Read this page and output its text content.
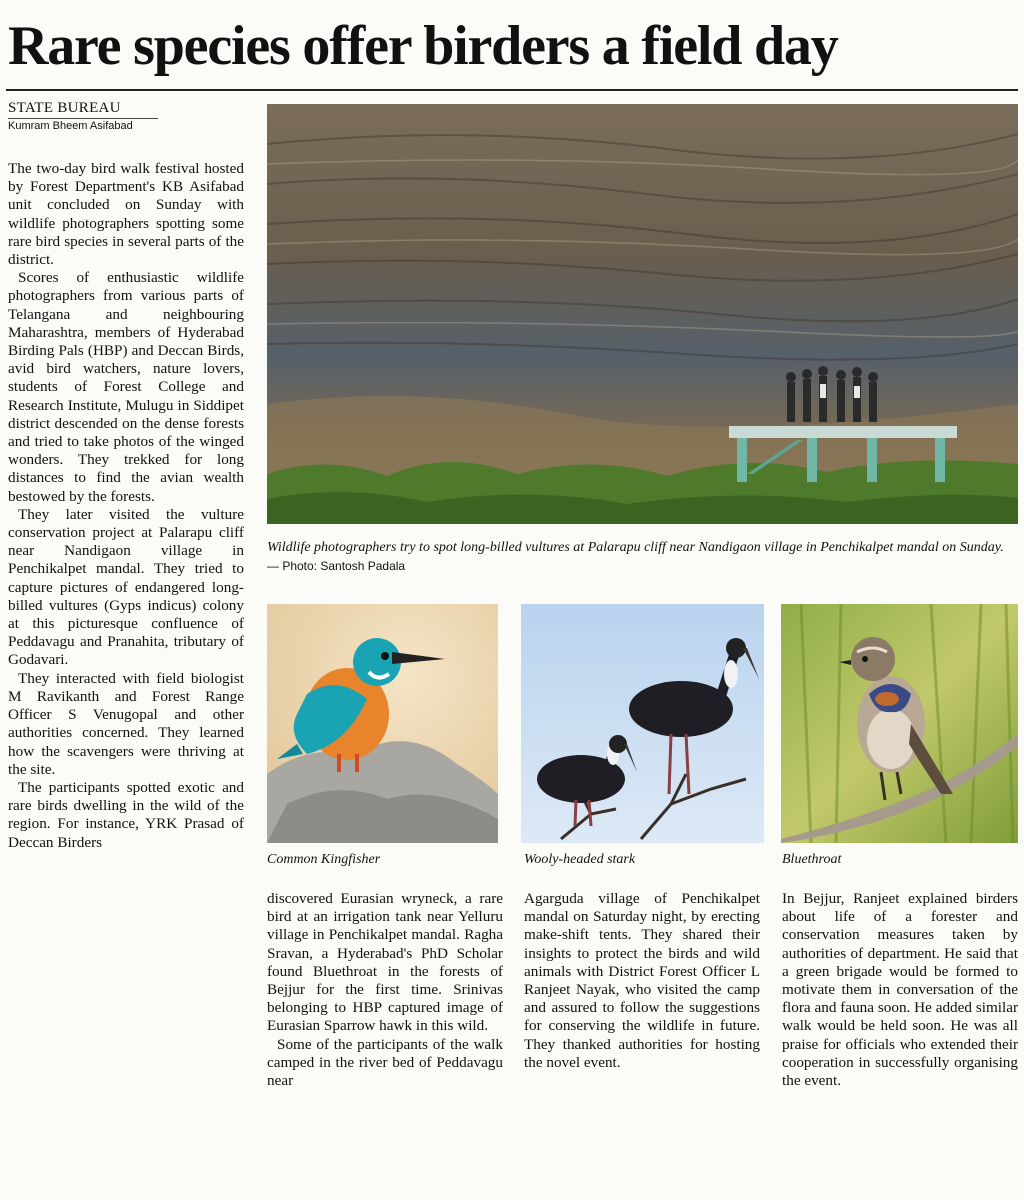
Rare species offer birders a field day
STATE BUREAU
Kumram Bheem Asifabad

The two-day bird walk festival hosted by Forest Department's KB Asifabad unit concluded on Sunday with wildlife photographers spotting some rare bird species in several parts of the district.

Scores of enthusiastic wildlife photographers from various parts of Telangana and neighbouring Maharashtra, members of Hyderabad Birding Pals (HBP) and Deccan Birds, avid bird watchers, nature lovers, students of Forest College and Research Institute, Mulugu in Siddipet district descended on the dense forests and tried to take photos of the winged wonders. They trekked for long distances to find the avian wealth bestowed by the forests.

They later visited the vulture conservation project at Palarapu cliff near Nandigaon village in Penchikalpet mandal. They tried to capture pictures of endangered long-billed vultures (Gyps indicus) colony at this picturesque confluence of Peddavagu and Pranahita, tributary of Godavari.

They interacted with field biologist M Ravikanth and Forest Range Officer S Venugopal and other authorities concerned. They learned how the scavengers were thriving at the site.

The participants spotted exotic and rare birds dwelling in the wild of the region. For instance, YRK Prasad of Deccan Birders

Wildlife photographers try to spot long-billed vultures at Palarapu cliff near Nandigaon village in Penchikalpet mandal on Sunday. — Photo: Santosh Padala
Common Kingfisher	Wooly-headed stark	Bluethroat

discovered Eurasian wryneck, a rare bird at an irrigation tank near Yelluru village in Penchikalpet mandal. Ragha Sravan, a Hyderabad's PhD Scholar found Bluethroat in the forests of Bejjur for the first time. Srinivas belonging to HBP captured image of Eurasian Sparrow hawk in this wild.

Some of the participants of the walk camped in the river bed of Peddavagu near

Agarguda village of Penchikalpet mandal on Saturday night, by erecting make-shift tents. They shared their insights to protect the birds and wild animals with District Forest Officer L Ranjeet Nayak, who visited the camp and assured to follow the suggestions for conserving the wildlife in future. They thanked authorities for hosting the novel event.

In Bejjur, Ranjeet explained birders about life of a forester and conservation measures taken by authorities of department. He said that a green brigade would be formed to motivate them in conversation of the flora and fauna soon. He added similar walk would be held soon. He was all praise for officials who extended their cooperation in successfully organising the event.
